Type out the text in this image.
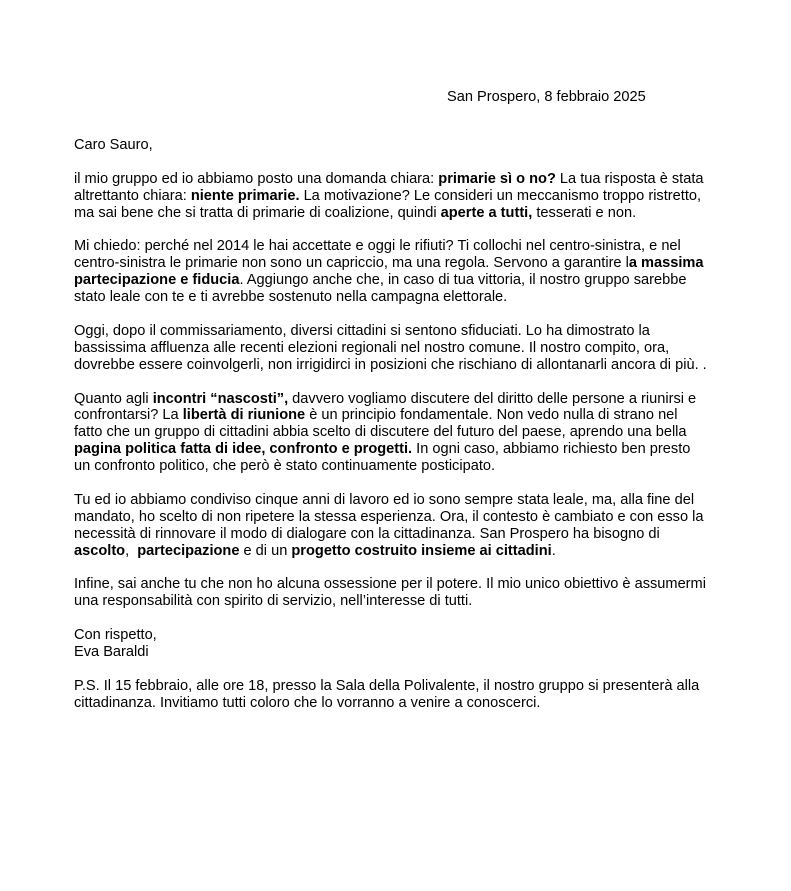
San Prospero, 8 febbraio 2025

Caro Sauro,

il mio gruppo ed io abbiamo posto una domanda chiara: primarie sì o no? La tua risposta è stata
altrettanto chiara: niente primarie. La motivazione? Le consideri un meccanismo troppo ristretto,
ma sai bene che si tratta di primarie di coalizione, quindi aperte a tutti, tesserati e non.

Mi chiedo: perché nel 2014 le hai accettate e oggi le rifiuti? Ti collochi nel centro-sinistra, e nel
centro-sinistra le primarie non sono un capriccio, ma una regola. Servono a garantire la massima
partecipazione e fiducia. Aggiungo anche che, in caso di tua vittoria, il nostro gruppo sarebbe
stato leale con te e ti avrebbe sostenuto nella campagna elettorale.

Oggi, dopo il commissariamento, diversi cittadini si sentono sfiduciati. Lo ha dimostrato la
bassissima affluenza alle recenti elezioni regionali nel nostro comune. Il nostro compito, ora,
dovrebbe essere coinvolgerli, non irrigidirci in posizioni che rischiano di allontanarli ancora di più. .

Quanto agli incontri “nascosti”, davvero vogliamo discutere del diritto delle persone a riunirsi e
confrontarsi? La libertà di riunione è un principio fondamentale. Non vedo nulla di strano nel
fatto che un gruppo di cittadini abbia scelto di discutere del futuro del paese, aprendo una bella
pagina politica fatta di idee, confronto e progetti. In ogni caso, abbiamo richiesto ben presto
un confronto politico, che però è stato continuamente posticipato.

Tu ed io abbiamo condiviso cinque anni di lavoro ed io sono sempre stata leale, ma, alla fine del
mandato, ho scelto di non ripetere la stessa esperienza. Ora, il contesto è cambiato e con esso la
necessità di rinnovare il modo di dialogare con la cittadinanza. San Prospero ha bisogno di
ascolto,  partecipazione e di un progetto costruito insieme ai cittadini.

Infine, sai anche tu che non ho alcuna ossessione per il potere. Il mio unico obiettivo è assumermi
una responsabilità con spirito di servizio, nell’interesse di tutti.

Con rispetto,
Eva Baraldi

P.S. Il 15 febbraio, alle ore 18, presso la Sala della Polivalente, il nostro gruppo si presenterà alla
cittadinanza. Invitiamo tutti coloro che lo vorranno a venire a conoscerci.
